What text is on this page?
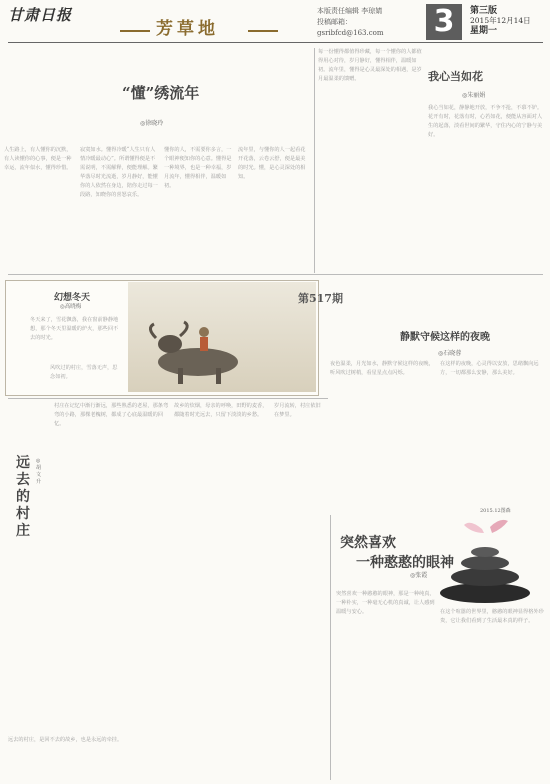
甘肃日报
芳草地
本版责任编辑 李琼婧
投稿邮箱：gsribfcd@163.com	3	第三版
2015年12月14日
星期一
“懂”绣流年
◎徐晓玲
寂寞如水。懂得冷暖“人生只有人情冷暖最动心”。所谓懂得便是不需说明，不需解释，便能理解。繁华落尽时光流逝，岁月静好，能懂你的人依然在身边，陪你走过每一段路，知晓你的喜怒哀乐。
懂你的人，不需要你多言，一个眼神便知你的心意。懂得是一种境界，也是一种幸福，岁月流年，懂得相伴，温暖如初。
流年里，与懂你的人一起看花开花落，云卷云舒，便是最美的时光。懂，是心灵深处的相知。
人生路上，有人懂你的沉默，有人读懂你的心事，便是一种幸运，流年似水，懂得珍惜。
每一份懂得都值得珍藏，每一个懂你的人都值得用心对待，岁月静好，懂得相伴，温暖如初。流年里，懂得是心灵最深处的相遇，是岁月最温柔的馈赠。	我心当如花
◎朱丽娟
我心当如花，静静地开放，不争不抢，不慕不妒。花开有时，花落有时，心若如花，便能从容面对人生的起落，淡看世间的繁华，守住内心的宁静与美好。
幻想冬天
◎高晓梅
冬天来了，雪花飘落，我在窗前静静地想，那个冬天里温暖的炉火，那些回不去的时光。
风吹过的村庄，雪落无声，思念如初。
第517期
静默守候这样的夜晚
◎石晓蓉
夜色温柔，月光如水，静默守候这样的夜晚，听风吹过树梢，看星星点点闪烁。
在这样的夜晚，心灵得以安放，思绪飘向远方，一切都那么安静，那么美好。
2015.12图森
远去的村庄
◎胡文升
村庄在记忆中渐行渐远，那些熟悉的老屋，那条弯弯的小路，那棵老槐树，都成了心底最温暖的回忆。
故乡的炊烟，母亲的呼唤，田野的麦香，都随着时光远去，只留下淡淡的乡愁。
远去的村庄，是回不去的故乡，也是永远的牵挂。
岁月流转，村庄依旧在梦里。
突然喜欢
一种憨憨的眼神
◎张霞
突然喜欢一种憨憨的眼神，那是一种纯真，一种朴实，一种毫无心机的真诚，让人感到温暖与安心。	在这个喧嚣的世界里，憨憨的眼神显得格外珍贵，它让我们看到了生活最本真的样子。
